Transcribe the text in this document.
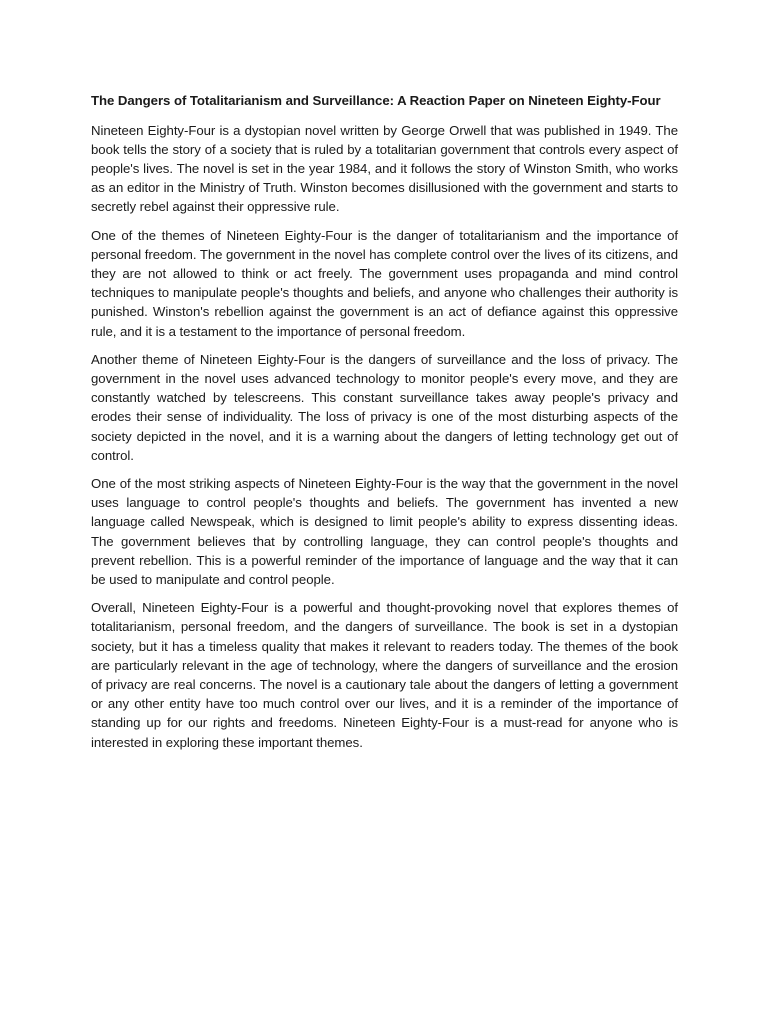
The Dangers of Totalitarianism and Surveillance: A Reaction Paper on Nineteen Eighty-Four

Nineteen Eighty-Four is a dystopian novel written by George Orwell that was published in 1949. The book tells the story of a society that is ruled by a totalitarian government that controls every aspect of people's lives. The novel is set in the year 1984, and it follows the story of Winston Smith, who works as an editor in the Ministry of Truth. Winston becomes disillusioned with the government and starts to secretly rebel against their oppressive rule.

One of the themes of Nineteen Eighty-Four is the danger of totalitarianism and the importance of personal freedom. The government in the novel has complete control over the lives of its citizens, and they are not allowed to think or act freely. The government uses propaganda and mind control techniques to manipulate people's thoughts and beliefs, and anyone who challenges their authority is punished. Winston's rebellion against the government is an act of defiance against this oppressive rule, and it is a testament to the importance of personal freedom.

Another theme of Nineteen Eighty-Four is the dangers of surveillance and the loss of privacy. The government in the novel uses advanced technology to monitor people's every move, and they are constantly watched by telescreens. This constant surveillance takes away people's privacy and erodes their sense of individuality. The loss of privacy is one of the most disturbing aspects of the society depicted in the novel, and it is a warning about the dangers of letting technology get out of control.

One of the most striking aspects of Nineteen Eighty-Four is the way that the government in the novel uses language to control people's thoughts and beliefs. The government has invented a new language called Newspeak, which is designed to limit people's ability to express dissenting ideas. The government believes that by controlling language, they can control people's thoughts and prevent rebellion. This is a powerful reminder of the importance of language and the way that it can be used to manipulate and control people.

Overall, Nineteen Eighty-Four is a powerful and thought-provoking novel that explores themes of totalitarianism, personal freedom, and the dangers of surveillance. The book is set in a dystopian society, but it has a timeless quality that makes it relevant to readers today. The themes of the book are particularly relevant in the age of technology, where the dangers of surveillance and the erosion of privacy are real concerns. The novel is a cautionary tale about the dangers of letting a government or any other entity have too much control over our lives, and it is a reminder of the importance of standing up for our rights and freedoms. Nineteen Eighty-Four is a must-read for anyone who is interested in exploring these important themes.
